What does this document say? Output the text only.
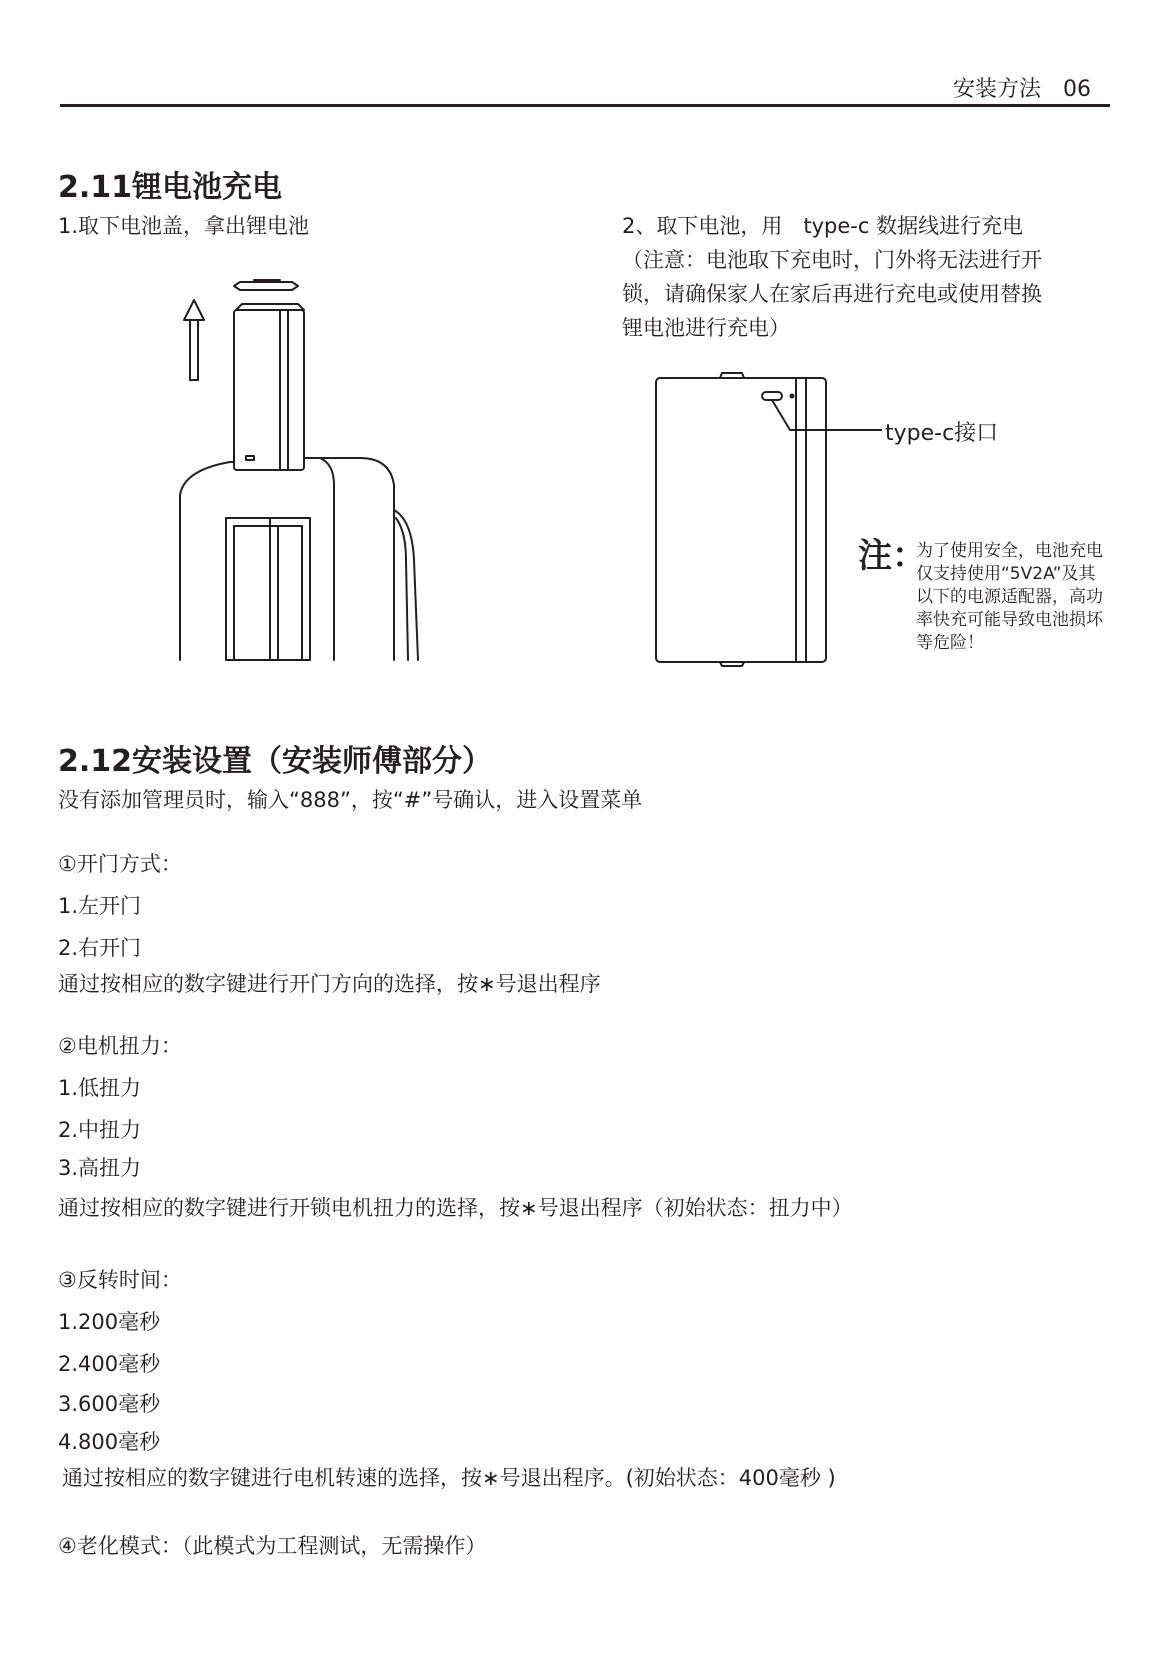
安装方法 06
2.11锂电池充电
1.取下电池盖，拿出锂电池	2、取下电池，用　type-c 数据线进行充电
（注意：电池取下充电时，门外将无法进行开
锁，请确保家人在家后再进行充电或使用替换
锂电池进行充电）
type-c接口
注：
为了使用安全，电池充电
仅支持使用“5V2A”及其
以下的电源适配器，高功
率快充可能导致电池损坏
等危险！
2.12安装设置（安装师傅部分）
没有添加管理员时，输入“888”，按“#”号确认，进入设置菜单
①开门方式：
1.左开门
2.右开门
通过按相应的数字键进行开门方向的选择，按∗号退出程序
②电机扭力：
1.低扭力
2.中扭力
3.高扭力
通过按相应的数字键进行开锁电机扭力的选择，按∗号退出程序（初始状态：扭力中）
③反转时间：
1.200毫秒
2.400毫秒
3.600毫秒
4.800毫秒
通过按相应的数字键进行电机转速的选择，按∗号退出程序。(初始状态：400毫秒 )
④老化模式：（此模式为工程测试，无需操作）
